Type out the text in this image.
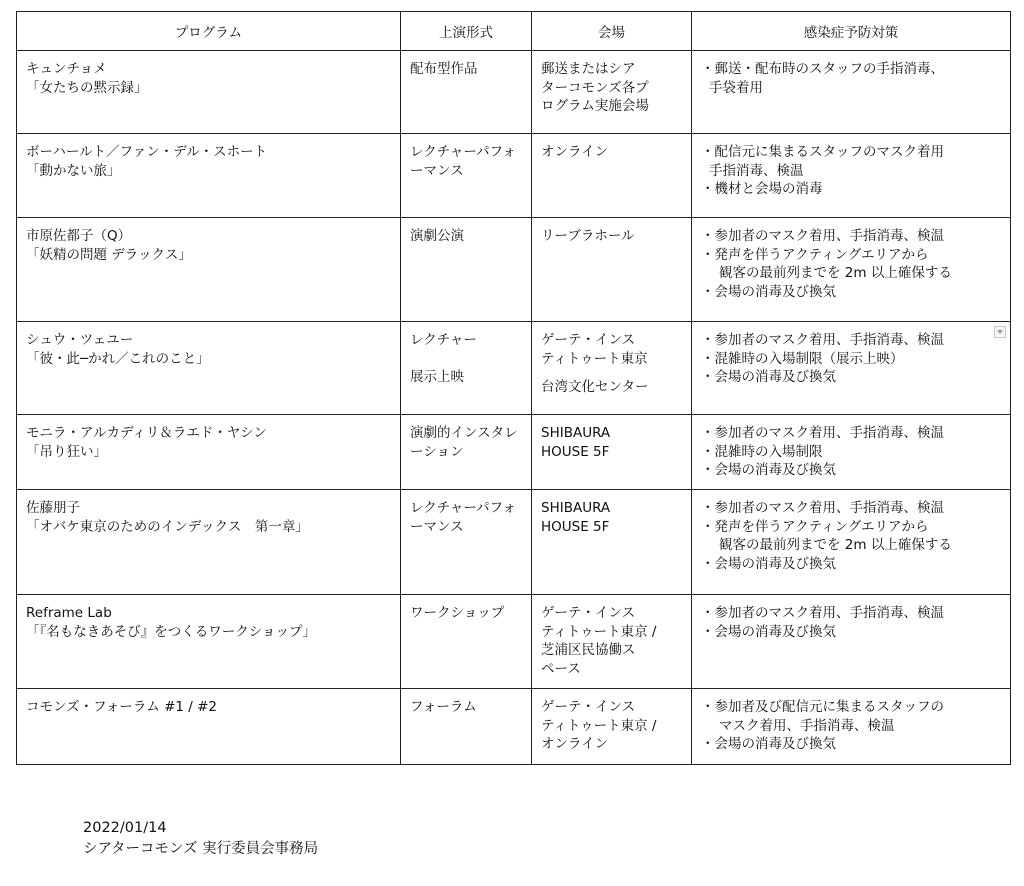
プログラム	上演形式	会場	感染症予防対策

キュンチョメ
「女たちの黙示録」	配布型作品	郵送またはシア
ターコモンズ各プ
ログラム実施会場	・郵送・配布時のスタッフの手指消毒、
手袋着用

ボーハールト／ファン・デル・スホート
「動かない旅」	レクチャーパフォーマンス	オンライン	・配信元に集まるスタッフのマスク着用
手指消毒、検温
・機材と会場の消毒

市原佐都子（Q）
「妖精の問題 デラックス」	演劇公演	リーブラホール	・参加者のマスク着用、手指消毒、検温
・発声を伴うアクティングエリアから
観客の最前列までを 2m 以上確保する
・会場の消毒及び換気

シュウ・ツェユー
「彼・此─かれ／これのこと」	レクチャー
展示上映	ゲーテ・インス
ティトゥート東京
台湾文化センター	・参加者のマスク着用、手指消毒、検温
・混雑時の入場制限（展示上映）
・会場の消毒及び換気

モニラ・アルカディリ＆ラエド・ヤシン
「吊り狂い」	演劇的インスタレーション	SHIBAURA
HOUSE 5F	・参加者のマスク着用、手指消毒、検温
・混雑時の入場制限
・会場の消毒及び換気

佐藤朋子
「オバケ東京のためのインデックス　第一章」	レクチャーパフォーマンス	SHIBAURA
HOUSE 5F	・参加者のマスク着用、手指消毒、検温
・発声を伴うアクティングエリアから
観客の最前列までを 2m 以上確保する
・会場の消毒及び換気

Reframe Lab
「『名もなきあそび』をつくるワークショップ」	ワークショップ	ゲーテ・インス
ティトゥート東京 /
芝浦区民協働ス
ペース	・参加者のマスク着用、手指消毒、検温
・会場の消毒及び換気

コモンズ・フォーラム #1 / #2	フォーラム	ゲーテ・インス
ティトゥート東京 /
オンライン	・参加者及び配信元に集まるスタッフの
マスク着用、手指消毒、検温
・会場の消毒及び換気
2022/01/14
シアターコモンズ 実行委員会事務局
